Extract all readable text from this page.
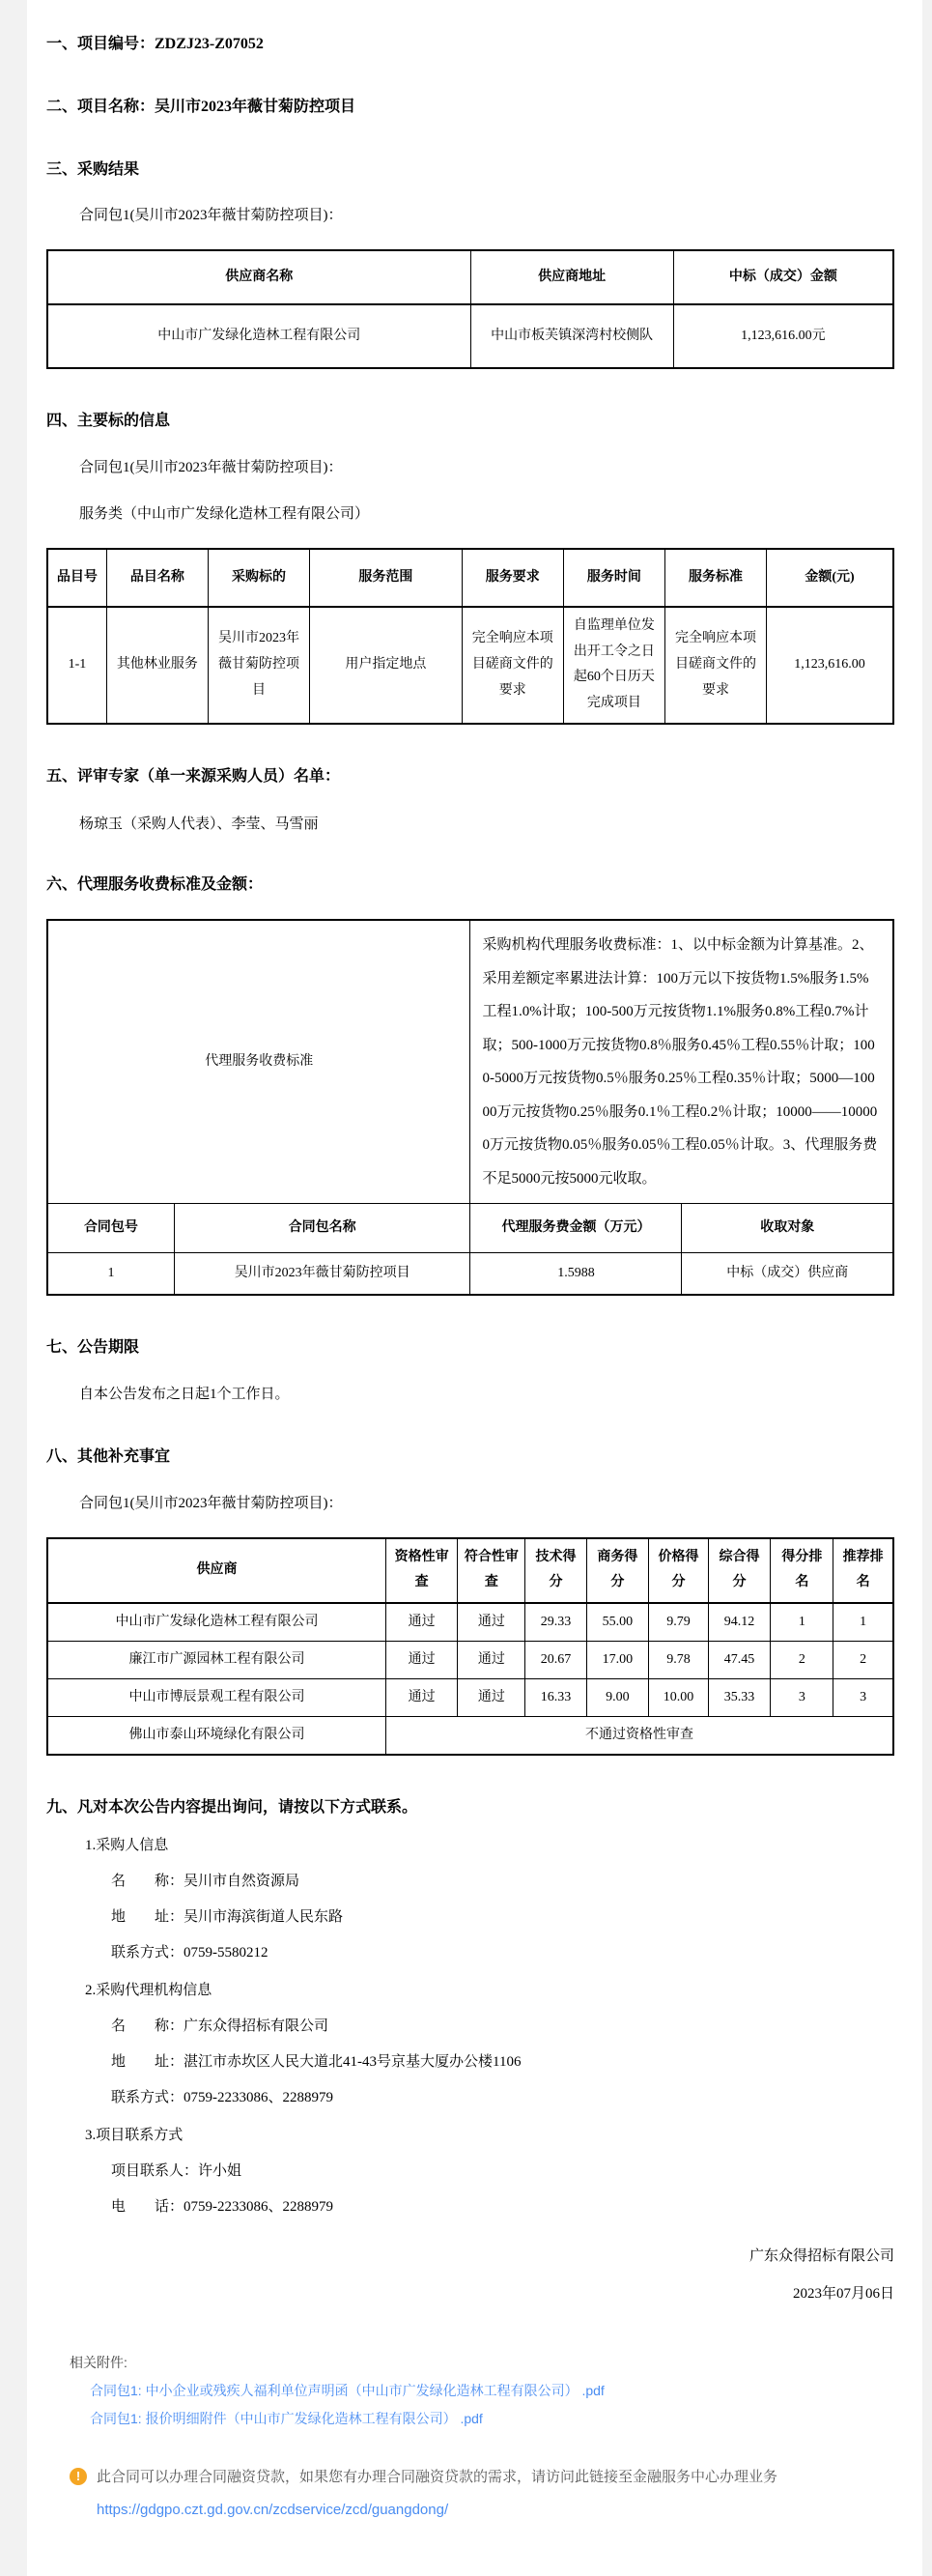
一、项目编号：ZDZJ23-Z07052
二、项目名称：吴川市2023年薇甘菊防控项目
三、采购结果
合同包1(吴川市2023年薇甘菊防控项目)：
供应商名称	供应商地址	中标（成交）金额
中山市广发绿化造林工程有限公司	中山市板芙镇深湾村校侧队	1,123,616.00元
四、主要标的信息
合同包1(吴川市2023年薇甘菊防控项目)：
服务类（中山市广发绿化造林工程有限公司）
品目号	品目名称	采购标的	服务范围	服务要求	服务时间	服务标准	金额(元)
1-1	其他林业服务	吴川市2023年薇甘菊防控项目	用户指定地点	完全响应本项目磋商文件的要求	自监理单位发出开工令之日起60个日历天完成项目	完全响应本项目磋商文件的要求	1,123,616.00
五、评审专家（单一来源采购人员）名单：
杨琼玉（采购人代表）、李莹、马雪丽
六、代理服务收费标准及金额：
代理服务收费标准		采购机构代理服务收费标准：1、以中标金额为计算基准。2、采用差额定率累进法计算：100万元以下按货物1.5%服务1.5%工程1.0%计取；100-500万元按货物1.1%服务0.8%工程0.7%计取；500-1000万元按货物0.8％服务0.45％工程0.55％计取；1000-5000万元按货物0.5％服务0.25％工程0.35％计取；5000—10000万元按货物0.25％服务0.1％工程0.2％计取；10000——100000万元按货物0.05％服务0.05％工程0.05％计取。3、代理服务费不足5000元按5000元收取。	
合同包号	合同包名称	代理服务费金额（万元）	收取对象
1	吴川市2023年薇甘菊防控项目	1.5988	中标（成交）供应商
七、公告期限
自本公告发布之日起1个工作日。
八、其他补充事宜
合同包1(吴川市2023年薇甘菊防控项目)：
供应商	资格性审查	符合性审查	技术得分	商务得分	价格得分	综合得分	得分排名	推荐排名
中山市广发绿化造林工程有限公司	通过	通过	29.33	55.00	9.79	94.12	1	1
廉江市广源园林工程有限公司	通过	通过	20.67	17.00	9.78	47.45	2	2
中山市博辰景观工程有限公司	通过	通过	16.33	9.00	10.00	35.33	3	3
佛山市泰山环境绿化有限公司	不通过资格性审查							
九、凡对本次公告内容提出询问，请按以下方式联系。
1.采购人信息
名　　称：吴川市自然资源局
地　　址：吴川市海滨街道人民东路
联系方式：0759-5580212
2.采购代理机构信息
名　　称：广东众得招标有限公司
地　　址：湛江市赤坎区人民大道北41-43号京基大厦办公楼1106
联系方式：0759-2233086、2288979
3.项目联系方式
项目联系人：许小姐
电　　话：0759-2233086、2288979
广东众得招标有限公司
2023年07月06日
相关附件:
合同包1: 中小企业或残疾人福利单位声明函（中山市广发绿化造林工程有限公司） .pdf
合同包1: 报价明细附件（中山市广发绿化造林工程有限公司） .pdf
!	此合同可以办理合同融资贷款，如果您有办理合同融资贷款的需求，请访问此链接至金融服务中心办理业务
https://gdgpo.czt.gd.gov.cn/zcdservice/zcd/guangdong/
